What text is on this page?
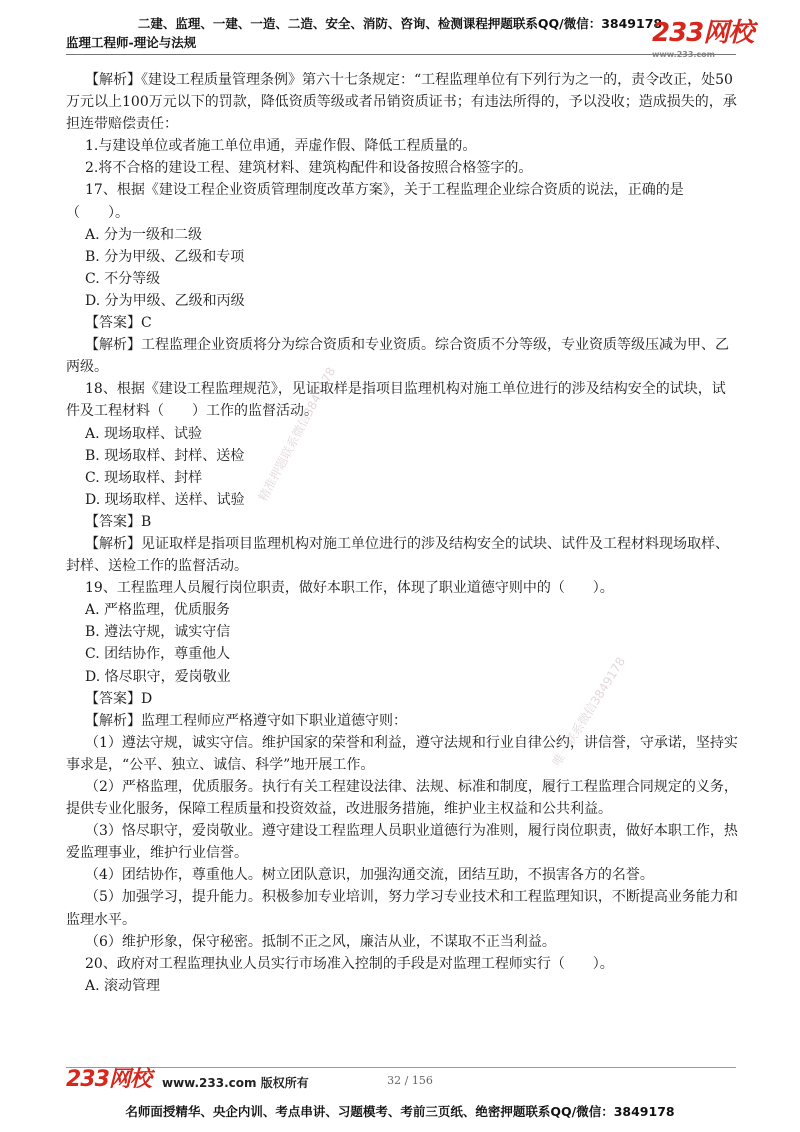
二建、监理、一建、一造、二造、安全、消防、咨询、检测课程押题联系QQ/微信：3849178
监理工程师-理论与法规	233网校
精准押题联系微信3849178
唯一联系微信3849178

【解析】《建设工程质量管理条例》第六十七条规定：“工程监理单位有下列行为之一的，责令改正，处50万元以上100万元以下的罚款，降低资质等级或者吊销资质证书；有违法所得的，予以没收；造成损失的，承担连带赔偿责任：

1.与建设单位或者施工单位串通，弄虚作假、降低工程质量的。

2.将不合格的建设工程、建筑材料、建筑构配件和设备按照合格签字的。

17、根据《建设工程企业资质管理制度改革方案》，关于工程监理企业综合资质的说法，正确的是（　　）。

A. 分为一级和二级

B. 分为甲级、乙级和专项

C. 不分等级

D. 分为甲级、乙级和丙级

【答案】C

【解析】工程监理企业资质将分为综合资质和专业资质。综合资质不分等级，专业资质等级压减为甲、乙两级。

18、根据《建设工程监理规范》，见证取样是指项目监理机构对施工单位进行的涉及结构安全的试块，试件及工程材料（　　）工作的监督活动。

A. 现场取样、试验

B. 现场取样、封样、送检

C. 现场取样、封样

D. 现场取样、送样、试验

【答案】B

【解析】见证取样是指项目监理机构对施工单位进行的涉及结构安全的试块、试件及工程材料现场取样、封样、送检工作的监督活动。

19、工程监理人员履行岗位职责，做好本职工作，体现了职业道德守则中的（　　）。

A. 严格监理，优质服务

B. 遵法守规，诚实守信

C. 团结协作，尊重他人

D. 恪尽职守，爱岗敬业

【答案】D

【解析】监理工程师应严格遵守如下职业道德守则：

（1）遵法守规，诚实守信。维护国家的荣誉和利益，遵守法规和行业自律公约，讲信誉，守承诺，坚持实事求是，“公平、独立、诚信、科学”地开展工作。

（2）严格监理，优质服务。执行有关工程建设法律、法规、标准和制度，履行工程监理合同规定的义务，提供专业化服务，保障工程质量和投资效益，改进服务措施，维护业主权益和公共利益。

（3）恪尽职守，爱岗敬业。遵守建设工程监理人员职业道德行为准则，履行岗位职责，做好本职工作，热爱监理事业，维护行业信誉。

（4）团结协作，尊重他人。树立团队意识，加强沟通交流，团结互助，不损害各方的名誉。

（5）加强学习，提升能力。积极参加专业培训，努力学习专业技术和工程监理知识，不断提高业务能力和监理水平。

（6）维护形象，保守秘密。抵制不正之风，廉洁从业，不谋取不正当利益。

20、政府对工程监理执业人员实行市场准入控制的手段是对监理工程师实行（　　）。

A. 滚动管理

233网校 www.233.com 版权所有	32 / 156
名师面授精华、央企内训、考点串讲、习题模考、考前三页纸、绝密押题联系QQ/微信：3849178
